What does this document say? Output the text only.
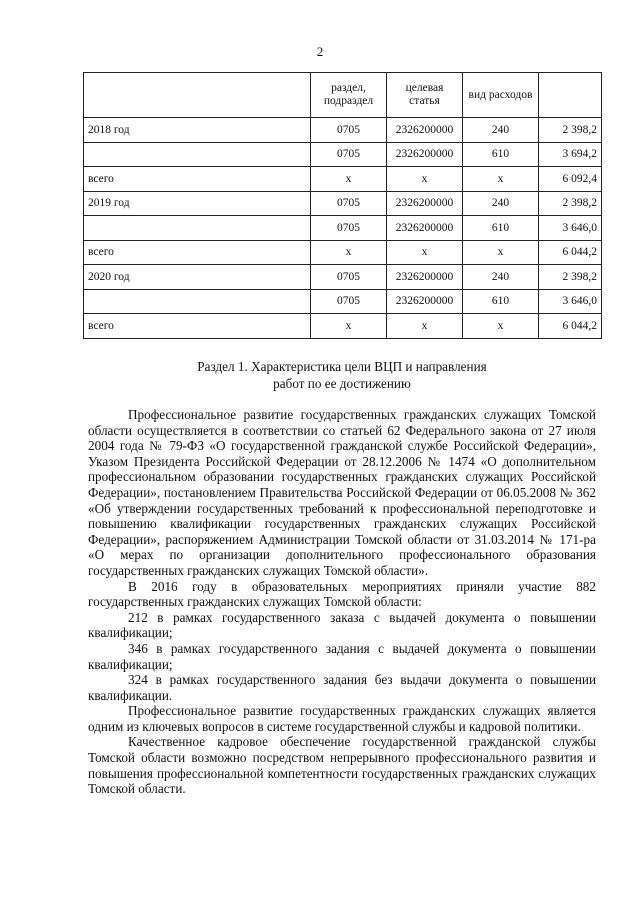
2
	раздел, подраздел	целевая статья	вид расходов	
2018 год	0705	2326200000	240	2 398,2
	0705	2326200000	610	3 694,2
всего	х	х	х	6 092,4
2019 год	0705	2326200000	240	2 398,2
	0705	2326200000	610	3 646,0
всего	х	х	х	6 044,2
2020 год	0705	2326200000	240	2 398,2
	0705	2326200000	610	3 646,0
всего	х	х	х	6 044,2
Раздел 1. Характеристика цели ВЦП и направления
работ по ее достижению

Профессиональное развитие государственных гражданских служащих Томской области осуществляется в соответствии со статьей 62 Федерального закона от 27 июля 2004 года № 79-ФЗ «О государственной гражданской службе Российской Федерации», Указом Президента Российской Федерации от 28.12.2006 № 1474 «О дополнительном профессиональном образовании государственных гражданских служащих Российской Федерации», постановлением Правительства Российской Федерации от 06.05.2008 № 362 «Об утверждении государственных требований к профессиональной переподготовке и повышению квалификации государственных гражданских служащих Российской Федерации», распоряжением Администрации Томской области от 31.03.2014 № 171-ра «О мерах по организации дополнительного профессионального образования государственных гражданских служащих Томской области».

В 2016 году в образовательных мероприятиях приняли участие 882 государственных гражданских служащих Томской области:

212 в рамках государственного заказа с выдачей документа о повышении квалификации;

346 в рамках государственного задания с выдачей документа о повышении квалификации;

324 в рамках государственного задания без выдачи документа о повышении квалификации.

Профессиональное развитие государственных гражданских служащих является одним из ключевых вопросов в системе государственной службы и кадровой политики.

Качественное кадровое обеспечение государственной гражданской службы Томской области возможно посредством непрерывного профессионального развития и повышения профессиональной компетентности государственных гражданских служащих Томской области.
